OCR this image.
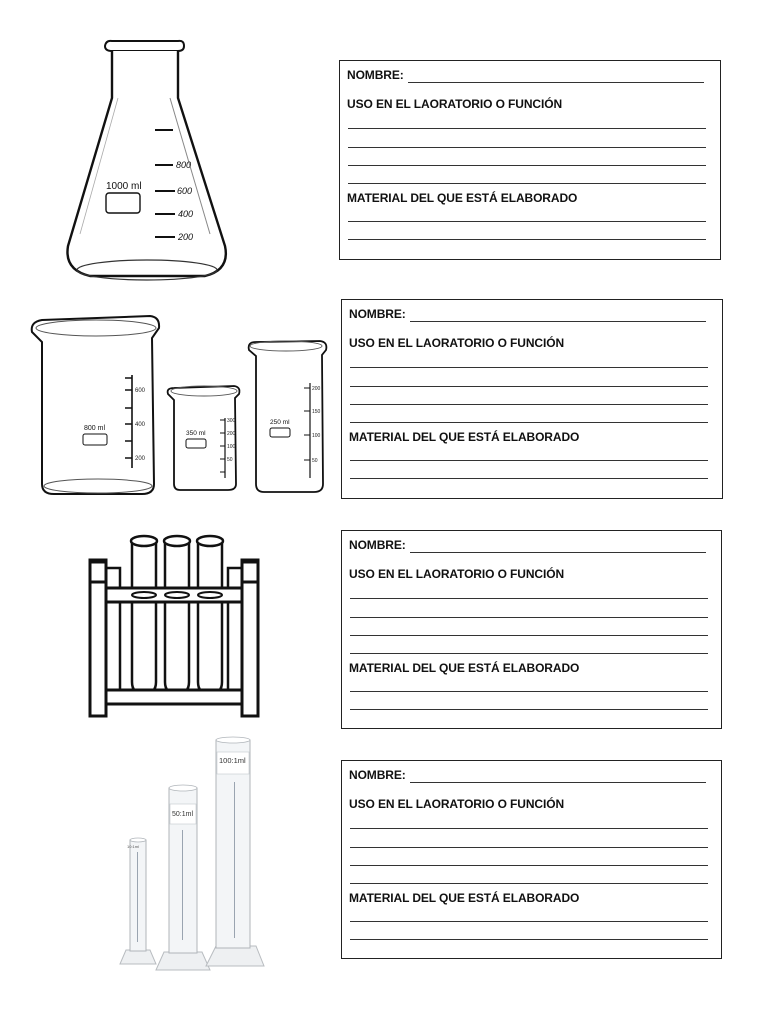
800
600
400
200
1000 ml
NOMBRE:
USO EN EL LAORATORIO O FUNCIÓN
MATERIAL DEL QUE ESTÁ ELABORADO
600
400
200
800 ml
300
200
100
50
350 ml
200
150
100
50
250 ml
NOMBRE:
USO EN EL LAORATORIO O FUNCIÓN
MATERIAL DEL QUE ESTÁ ELABORADO
NOMBRE:
USO EN EL LAORATORIO O FUNCIÓN
MATERIAL DEL QUE ESTÁ ELABORADO
10:1ml
50:1ml
100:1ml
NOMBRE:
USO EN EL LAORATORIO O FUNCIÓN
MATERIAL DEL QUE ESTÁ ELABORADO
